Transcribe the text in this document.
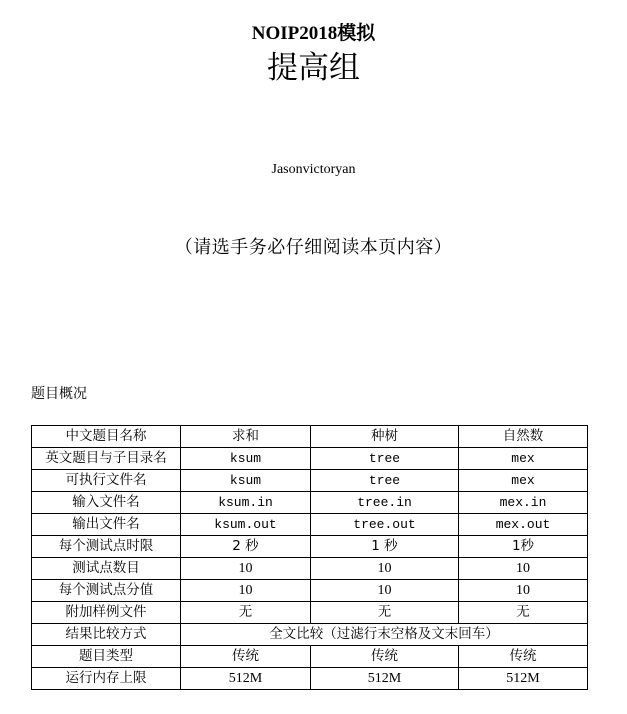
NOIP2018模拟
提高组
Jasonvictoryan
（请选手务必仔细阅读本页内容）
题目概况
中文题目名称	求和	种树	自然数
英文题目与子目录名	ksum	tree	mex
可执行文件名	ksum	tree	mex
输入文件名	ksum.in	tree.in	mex.in
输出文件名	ksum.out	tree.out	mex.out
每个测试点时限	2 秒	1 秒	1秒
测试点数目	10	10	10
每个测试点分值	10	10	10
附加样例文件	无	无	无
结果比较方式	全文比较（过滤行末空格及文末回车）		
题目类型	传统	传统	传统
运行内存上限	512M	512M	512M
